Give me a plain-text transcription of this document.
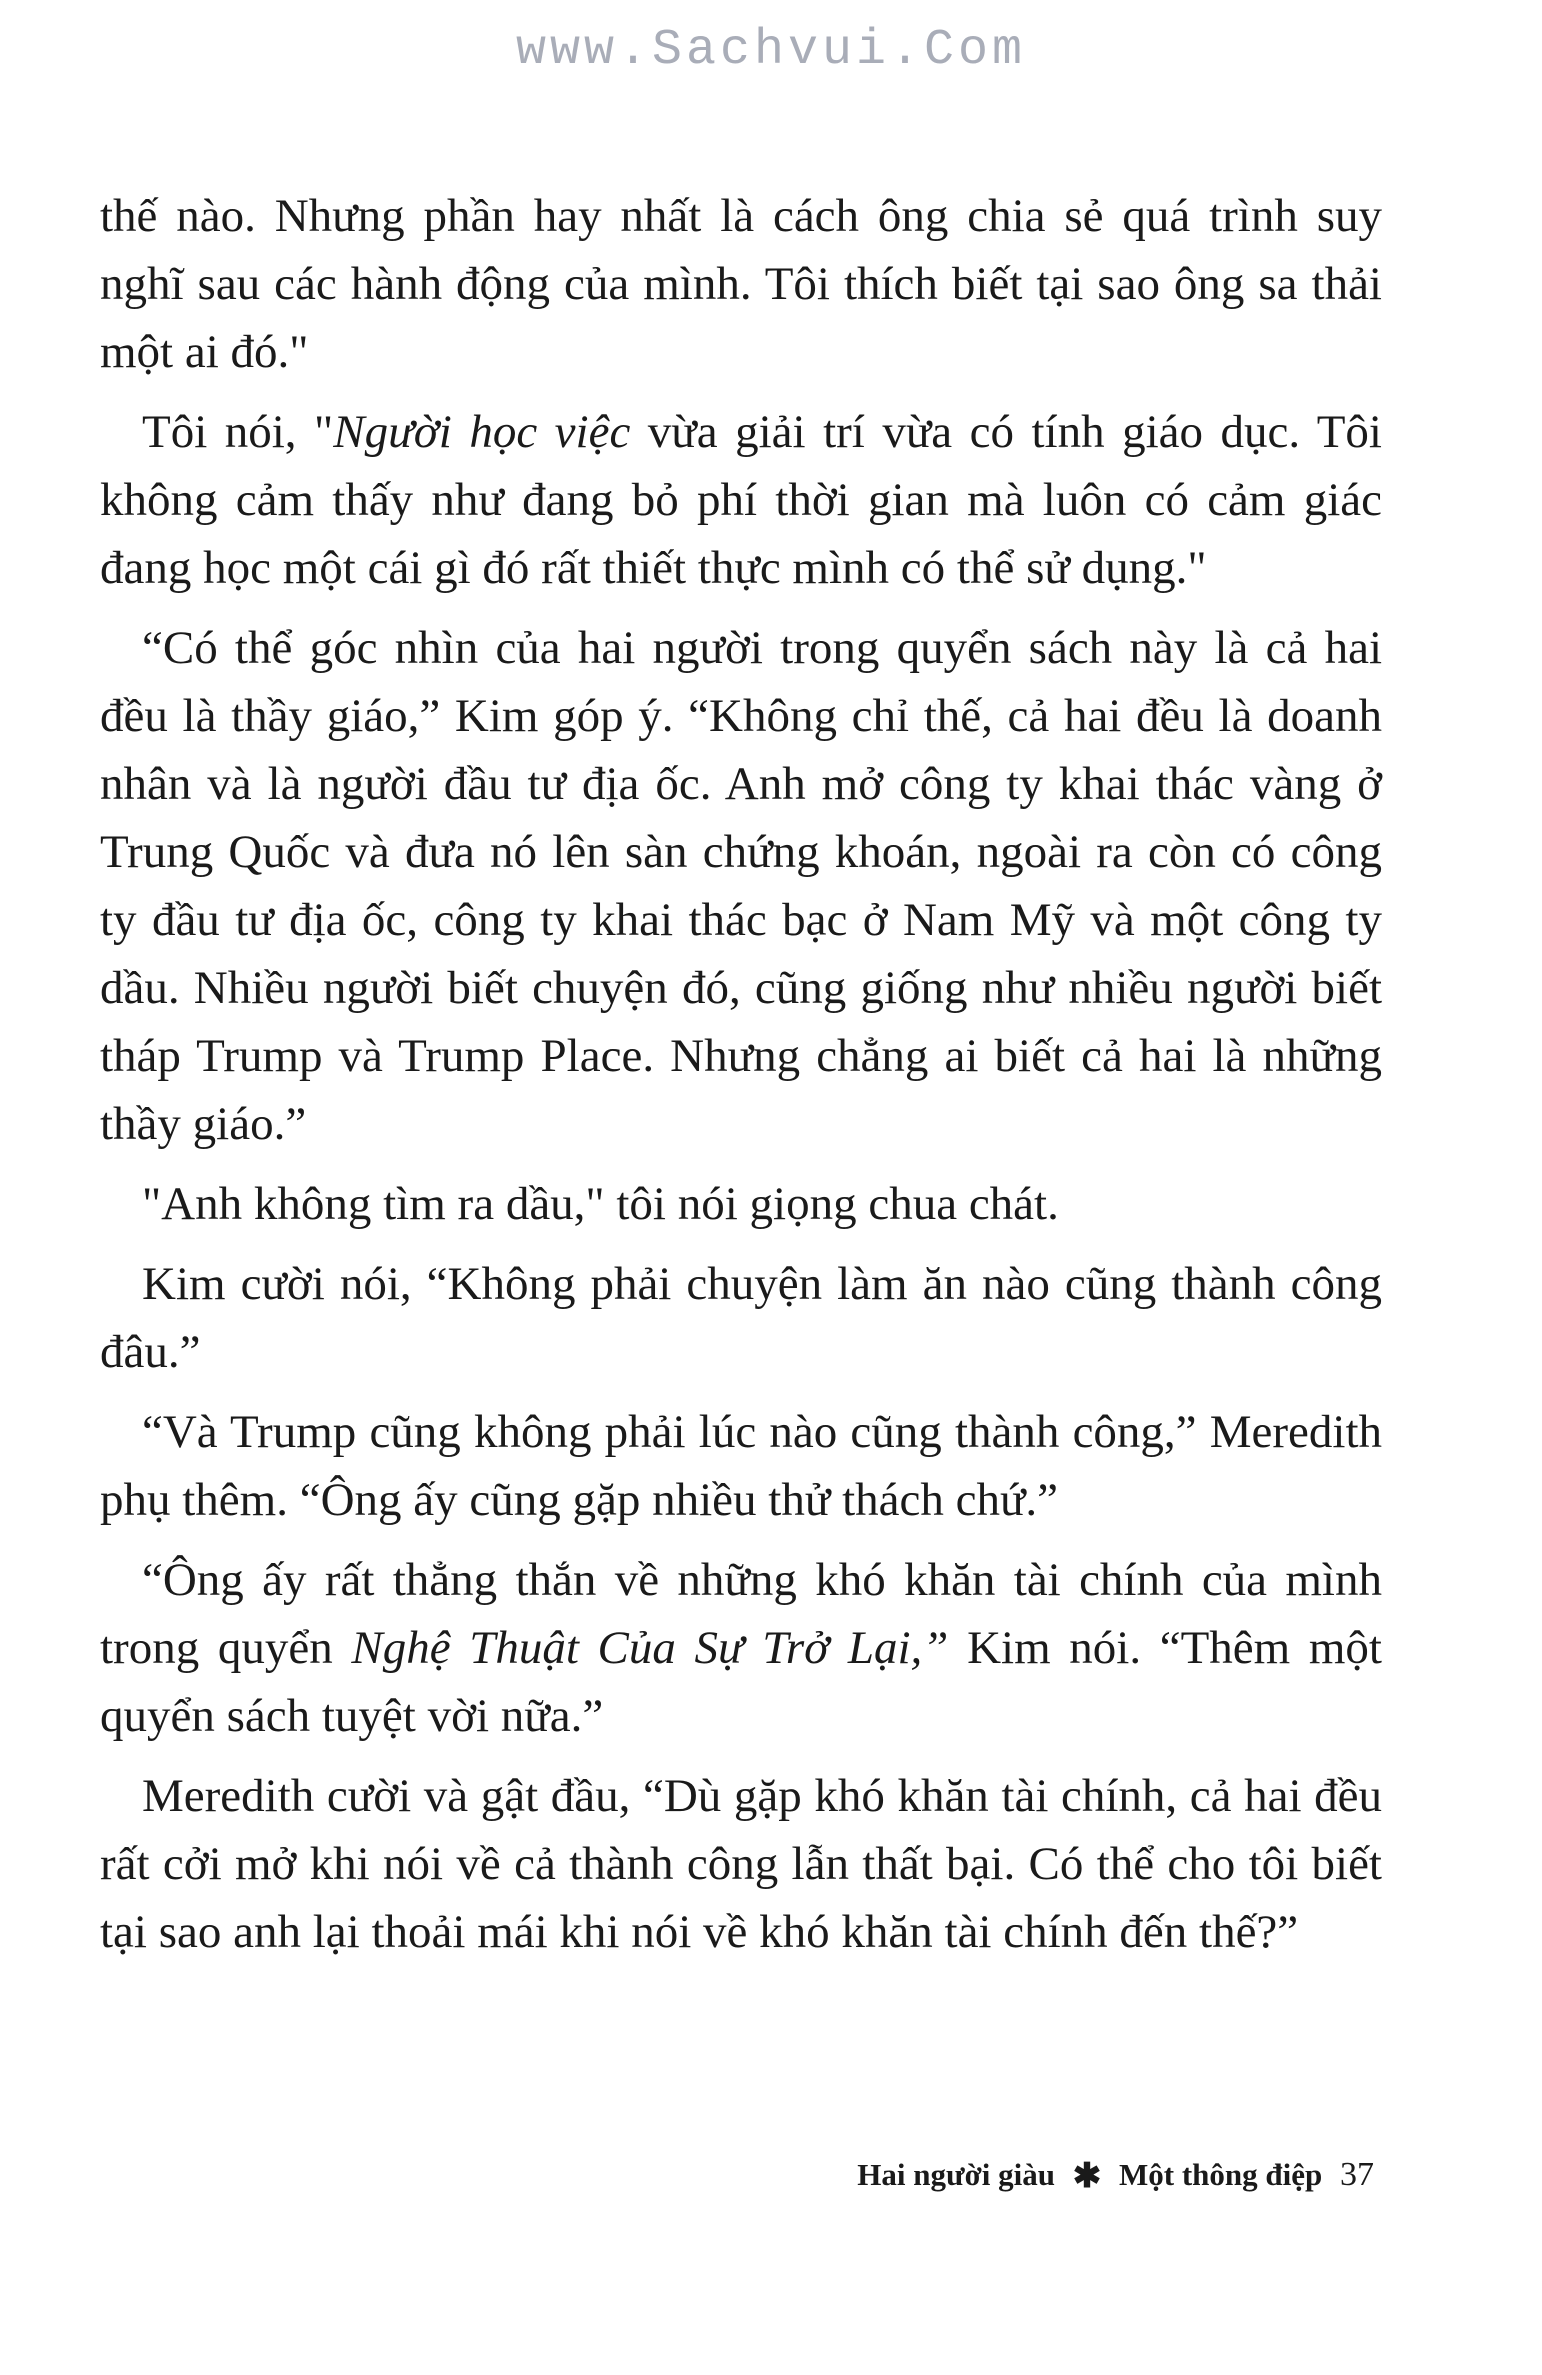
www.Sachvui.Com

thế nào. Nhưng phần hay nhất là cách ông chia sẻ quá trình suy nghĩ sau các hành động của mình. Tôi thích biết tại sao ông sa thải một ai đó."

Tôi nói, "Người học việc vừa giải trí vừa có tính giáo dục. Tôi không cảm thấy như đang bỏ phí thời gian mà luôn có cảm giác đang học một cái gì đó rất thiết thực mình có thể sử dụng."

“Có thể góc nhìn của hai người trong quyển sách này là cả hai đều là thầy giáo,” Kim góp ý. “Không chỉ thế, cả hai đều là doanh nhân và là người đầu tư địa ốc. Anh mở công ty khai thác vàng ở Trung Quốc và đưa nó lên sàn chứng khoán, ngoài ra còn có công ty đầu tư địa ốc, công ty khai thác bạc ở Nam Mỹ và một công ty dầu. Nhiều người biết chuyện đó, cũng giống như nhiều người biết tháp Trump và Trump Place. Nhưng chẳng ai biết cả hai là những thầy giáo.”

"Anh không tìm ra dầu," tôi nói giọng chua chát.

Kim cười nói, “Không phải chuyện làm ăn nào cũng thành công đâu.”

“Và Trump cũng không phải lúc nào cũng thành công,” Meredith phụ thêm. “Ông ấy cũng gặp nhiều thử thách chứ.”

“Ông ấy rất thẳng thắn về những khó khăn tài chính của mình trong quyển Nghệ Thuật Của Sự Trở Lại,” Kim nói. “Thêm một quyển sách tuyệt vời nữa.”

Meredith cười và gật đầu, “Dù gặp khó khăn tài chính, cả hai đều rất cởi mở khi nói về cả thành công lẫn thất bại. Có thể cho tôi biết tại sao anh lại thoải mái khi nói về khó khăn tài chính đến thế?”

Hai người giàu ✱ Một thông điệp 37
